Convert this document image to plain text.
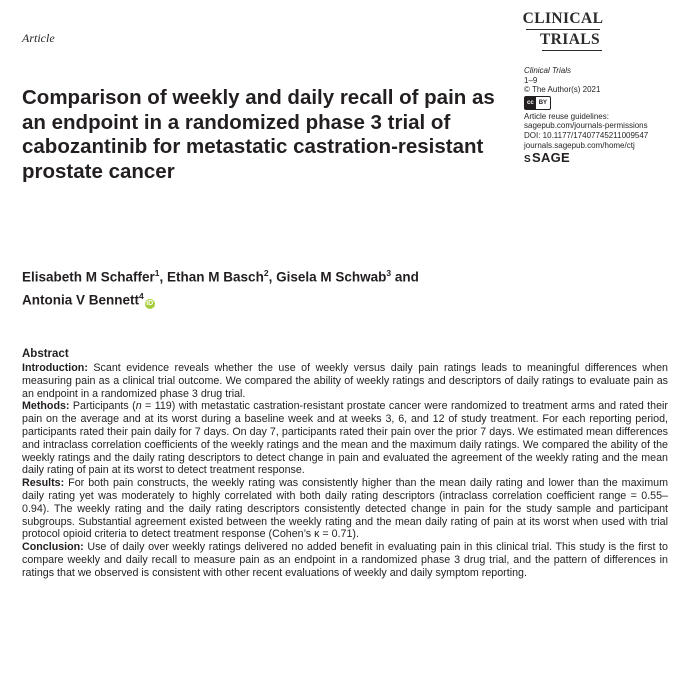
Article
CLINICAL
TRIALS
Clinical Trials
1–9
© The Author(s) 2021
cc BY
Article reuse guidelines:
sagepub.com/journals-permissions
DOI: 10.1177/17407745211009547
journals.sagepub.com/home/ctj
SSAGE
Comparison of weekly and daily recall of pain as an endpoint in a randomized phase 3 trial of cabozantinib for metastatic castration-resistant prostate cancer

Elisabeth M Schaffer$^1$, Ethan M Basch$^2$, Gisela M Schwab$^3$ and
Antonia V Bennett$^4$iD

Abstract

Introduction: Scant evidence reveals whether the use of weekly versus daily pain ratings leads to meaningful differences when measuring pain as a clinical trial outcome. We compared the ability of weekly ratings and descriptors of daily ratings to evaluate pain as an endpoint in a randomized phase 3 drug trial.

Methods: Participants (n = 119) with metastatic castration-resistant prostate cancer were randomized to treatment arms and rated their pain on the average and at its worst during a baseline week and at weeks 3, 6, and 12 of study treatment. For each reporting period, participants rated their pain daily for 7 days. On day 7, participants rated their pain over the prior 7 days. We estimated mean differences and intraclass correlation coefficients of the weekly ratings and the mean and the maximum daily ratings. We compared the ability of the weekly ratings and the daily rating descriptors to detect change in pain and evaluated the agreement of the weekly rating and the mean daily rating of pain at its worst to detect treatment response.

Results: For both pain constructs, the weekly rating was consistently higher than the mean daily rating and lower than the maximum daily rating yet was moderately to highly correlated with both daily rating descriptors (intraclass correlation coefficient range = 0.55–0.94). The weekly rating and the daily rating descriptors consistently detected change in pain for the study sample and participant subgroups. Substantial agreement existed between the weekly rating and the mean daily rating of pain at its worst when used with trial protocol opioid criteria to detect treatment response (Cohen’s κ = 0.71).

Conclusion: Use of daily over weekly ratings delivered no added benefit in evaluating pain in this clinical trial. This study is the first to compare weekly and daily recall to measure pain as an endpoint in a randomized phase 3 drug trial, and the pattern of differences in ratings that we observed is consistent with other recent evaluations of weekly and daily symptom reporting.
